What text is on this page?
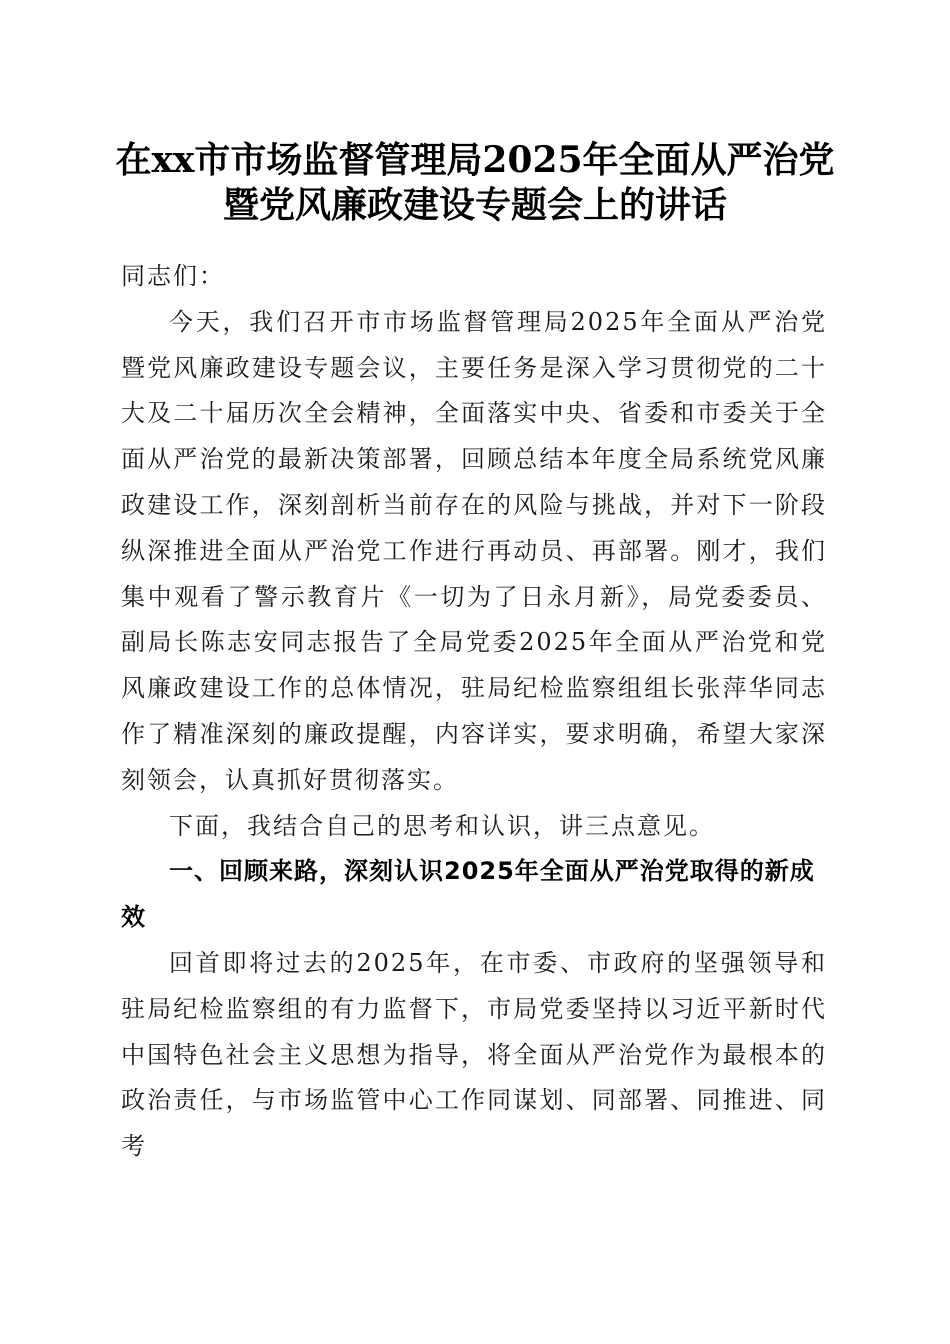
在xx市市场监督管理局2025年全面从严治党
暨党风廉政建设专题会上的讲话

同志们：

今天，我们召开市市场监督管理局2025年全面从严治党暨党风廉政建设专题会议，主要任务是深入学习贯彻党的二十大及二十届历次全会精神，全面落实中央、省委和市委关于全面从严治党的最新决策部署，回顾总结本年度全局系统党风廉政建设工作，深刻剖析当前存在的风险与挑战，并对下一阶段纵深推进全面从严治党工作进行再动员、再部署。刚才，我们集中观看了警示教育片《一切为了日永月新》，局党委委员、副局长陈志安同志报告了全局党委2025年全面从严治党和党风廉政建设工作的总体情况，驻局纪检监察组组长张萍华同志作了精准深刻的廉政提醒，内容详实，要求明确，希望大家深刻领会，认真抓好贯彻落实。

下面，我结合自己的思考和认识，讲三点意见。

一、回顾来路，深刻认识2025年全面从严治党取得的新成效

回首即将过去的2025年，在市委、市政府的坚强领导和驻局纪检监察组的有力监督下，市局党委坚持以习近平新时代中国特色社会主义思想为指导，将全面从严治党作为最根本的政治责任，与市场监管中心工作同谋划、同部署、同推进、同考
